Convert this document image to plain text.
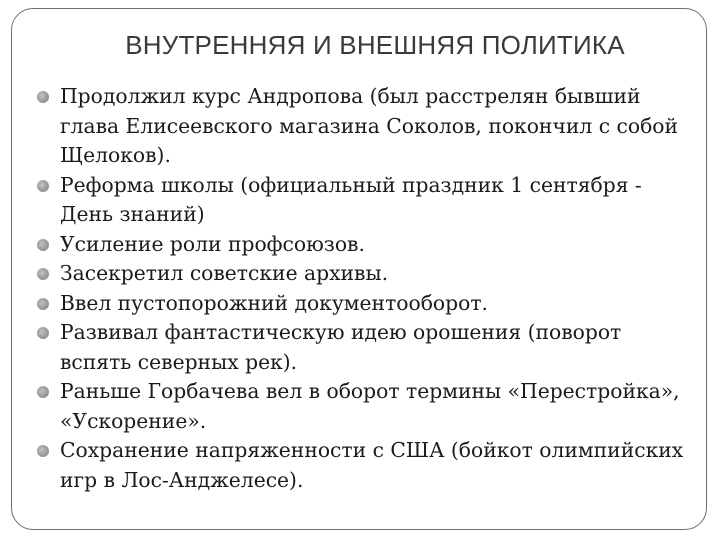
ВНУТРЕННЯЯ И ВНЕШНЯЯ ПОЛИТИКА
Продолжил курс Андропова (был расстрелян бывший глава Елисеевского магазина Соколов, покончил с собой Щелоков).
Реформа школы (официальный праздник 1 сентября - День знаний)
Усиление роли профсоюзов.
Засекретил советские архивы.
Ввел пустопорожний документооборот.
Развивал фантастическую идею орошения (поворот вспять северных рек).
Раньше Горбачева вел в оборот термины «Перестройка», «Ускорение».
Сохранение напряженности с США (бойкот олимпийских игр в Лос-Анджелесе).
